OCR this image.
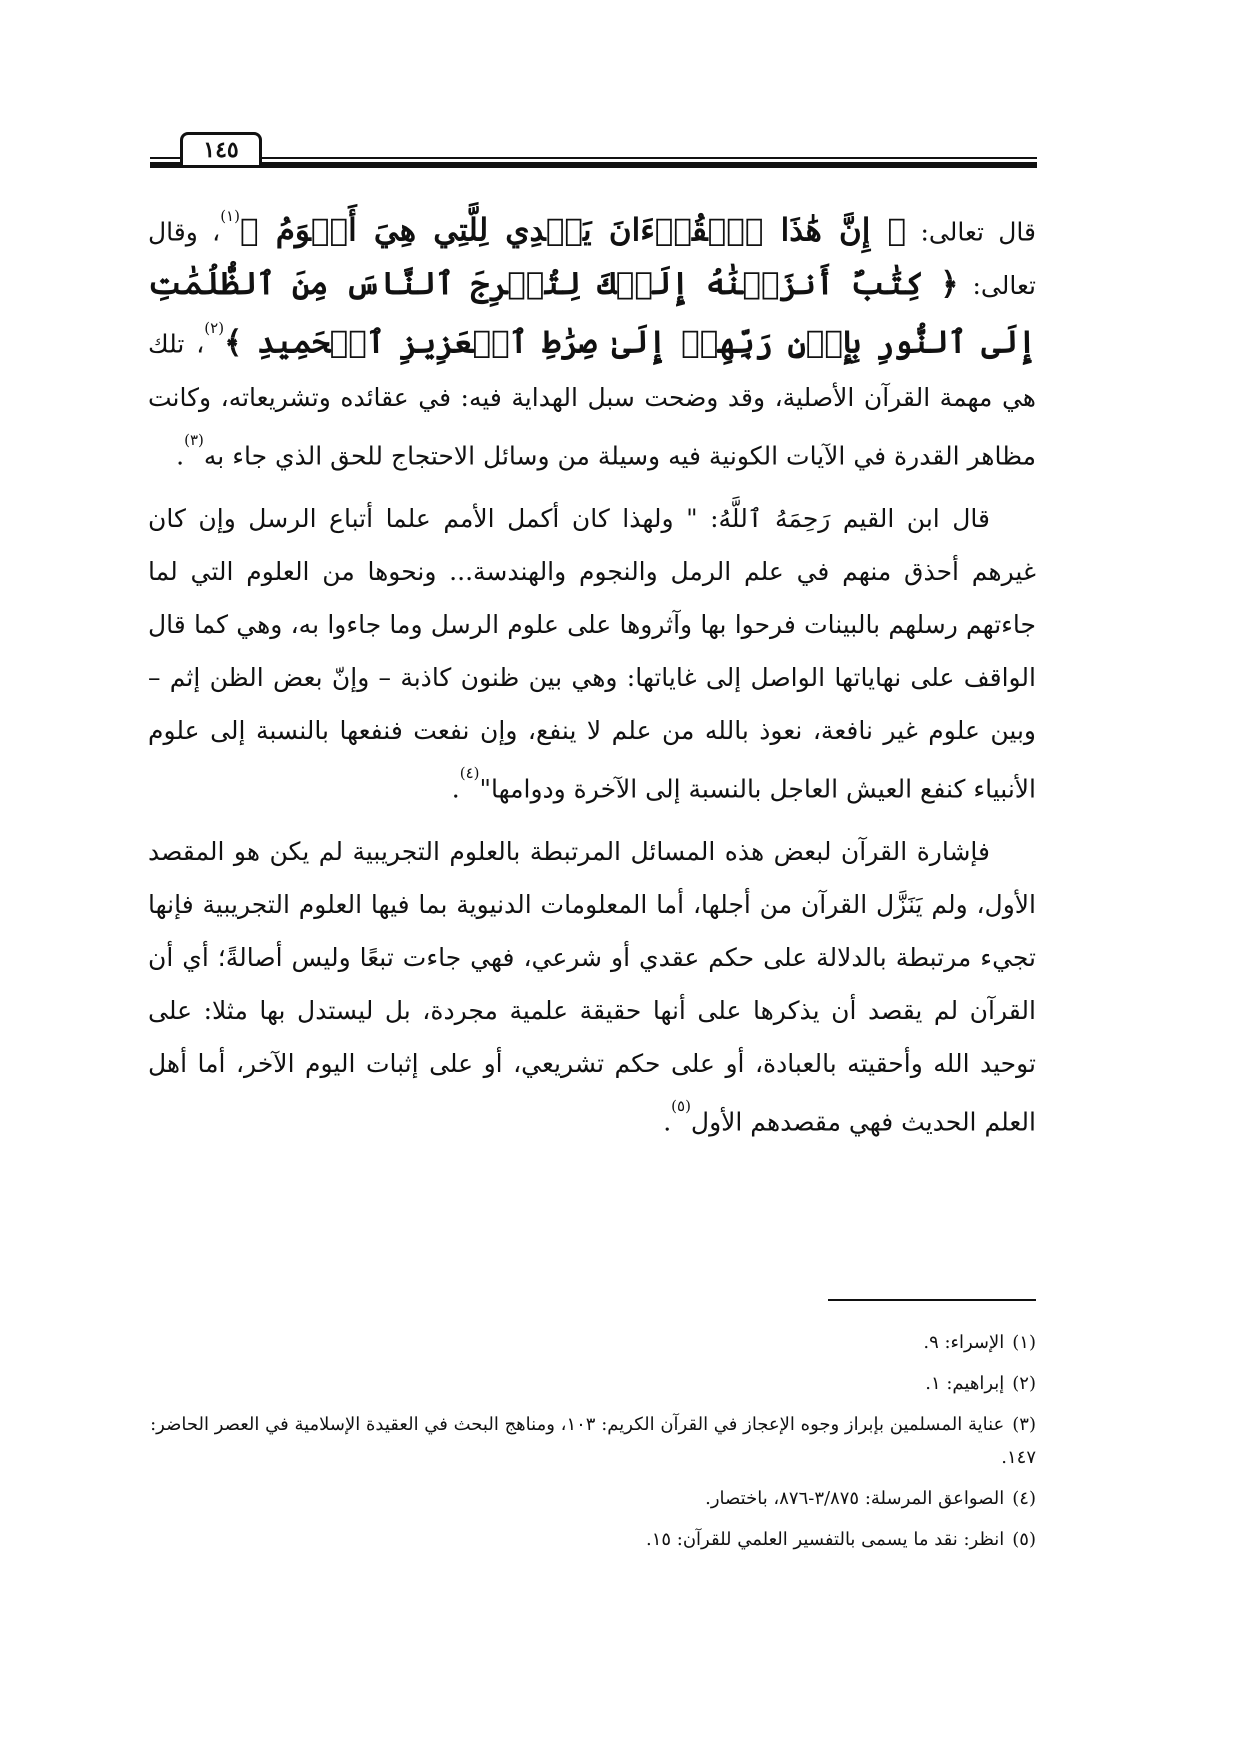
١٤٥

قال تعالى: ﴿ إِنَّ هَٰذَا ٱلۡقُرۡءَانَ يَهۡدِي لِلَّتِي هِيَ أَقۡوَمُ ﴾$^{(١)}$، وقال تعالى: ﴿ كِتَٰبٌ أَنزَلۡنَٰهُ إِلَيۡكَ لِتُخۡرِجَ ٱلنَّاسَ مِنَ ٱلظُّلُمَٰتِ إِلَى ٱلنُّورِ بِإِذۡنِ رَبِّهِمۡ إِلَىٰ صِرَٰطِ ٱلۡعَزِيزِ ٱلۡحَمِيدِ ﴾$^{(٢)}$، تلك هي مهمة القرآن الأصلية، وقد وضحت سبل الهداية فيه: في عقائده وتشريعاته، وكانت مظاهر القدرة في الآيات الكونية فيه وسيلة من وسائل الاحتجاج للحق الذي جاء به$^{(٣)}$.

قال ابن القيم رَحِمَهُ ٱللَّهُ: " ولهذا كان أكمل الأمم علما أتباع الرسل وإن كان غيرهم أحذق منهم في علم الرمل والنجوم والهندسة... ونحوها من العلوم التي لما جاءتهم رسلهم بالبينات فرحوا بها وآثروها على علوم الرسل وما جاءوا به، وهي كما قال الواقف على نهاياتها الواصل إلى غاياتها: وهي بين ظنون كاذبة – وإنّ بعض الظن إثم – وبين علوم غير نافعة، نعوذ بالله من علم لا ينفع، وإن نفعت فنفعها بالنسبة إلى علوم الأنبياء كنفع العيش العاجل بالنسبة إلى الآخرة ودوامها"$^{(٤)}$.

فإشارة القرآن لبعض هذه المسائل المرتبطة بالعلوم التجريبية لم يكن هو المقصد الأول، ولم يَنَزَّل القرآن من أجلها، أما المعلومات الدنيوية بما فيها العلوم التجريبية فإنها تجيء مرتبطة بالدلالة على حكم عقدي أو شرعي، فهي جاءت تبعًا وليس أصالةً؛ أي أن القرآن لم يقصد أن يذكرها على أنها حقيقة علمية مجردة، بل ليستدل بها مثلا: على توحيد الله وأحقيته بالعبادة، أو على حكم تشريعي، أو على إثبات اليوم الآخر، أما أهل العلم الحديث فهي مقصدهم الأول$^{(٥)}$.

(١)الإسراء: ٩.

(٢)إبراهيم: ١.

(٣)عناية المسلمين بإبراز وجوه الإعجاز في القرآن الكريم: ١٠٣، ومناهج البحث في العقيدة الإسلامية في العصر الحاضر: ١٤٧.

(٤)الصواعق المرسلة: ٣/٨٧٥-٨٧٦، باختصار.

(٥)انظر: نقد ما يسمى بالتفسير العلمي للقرآن: ١٥.
